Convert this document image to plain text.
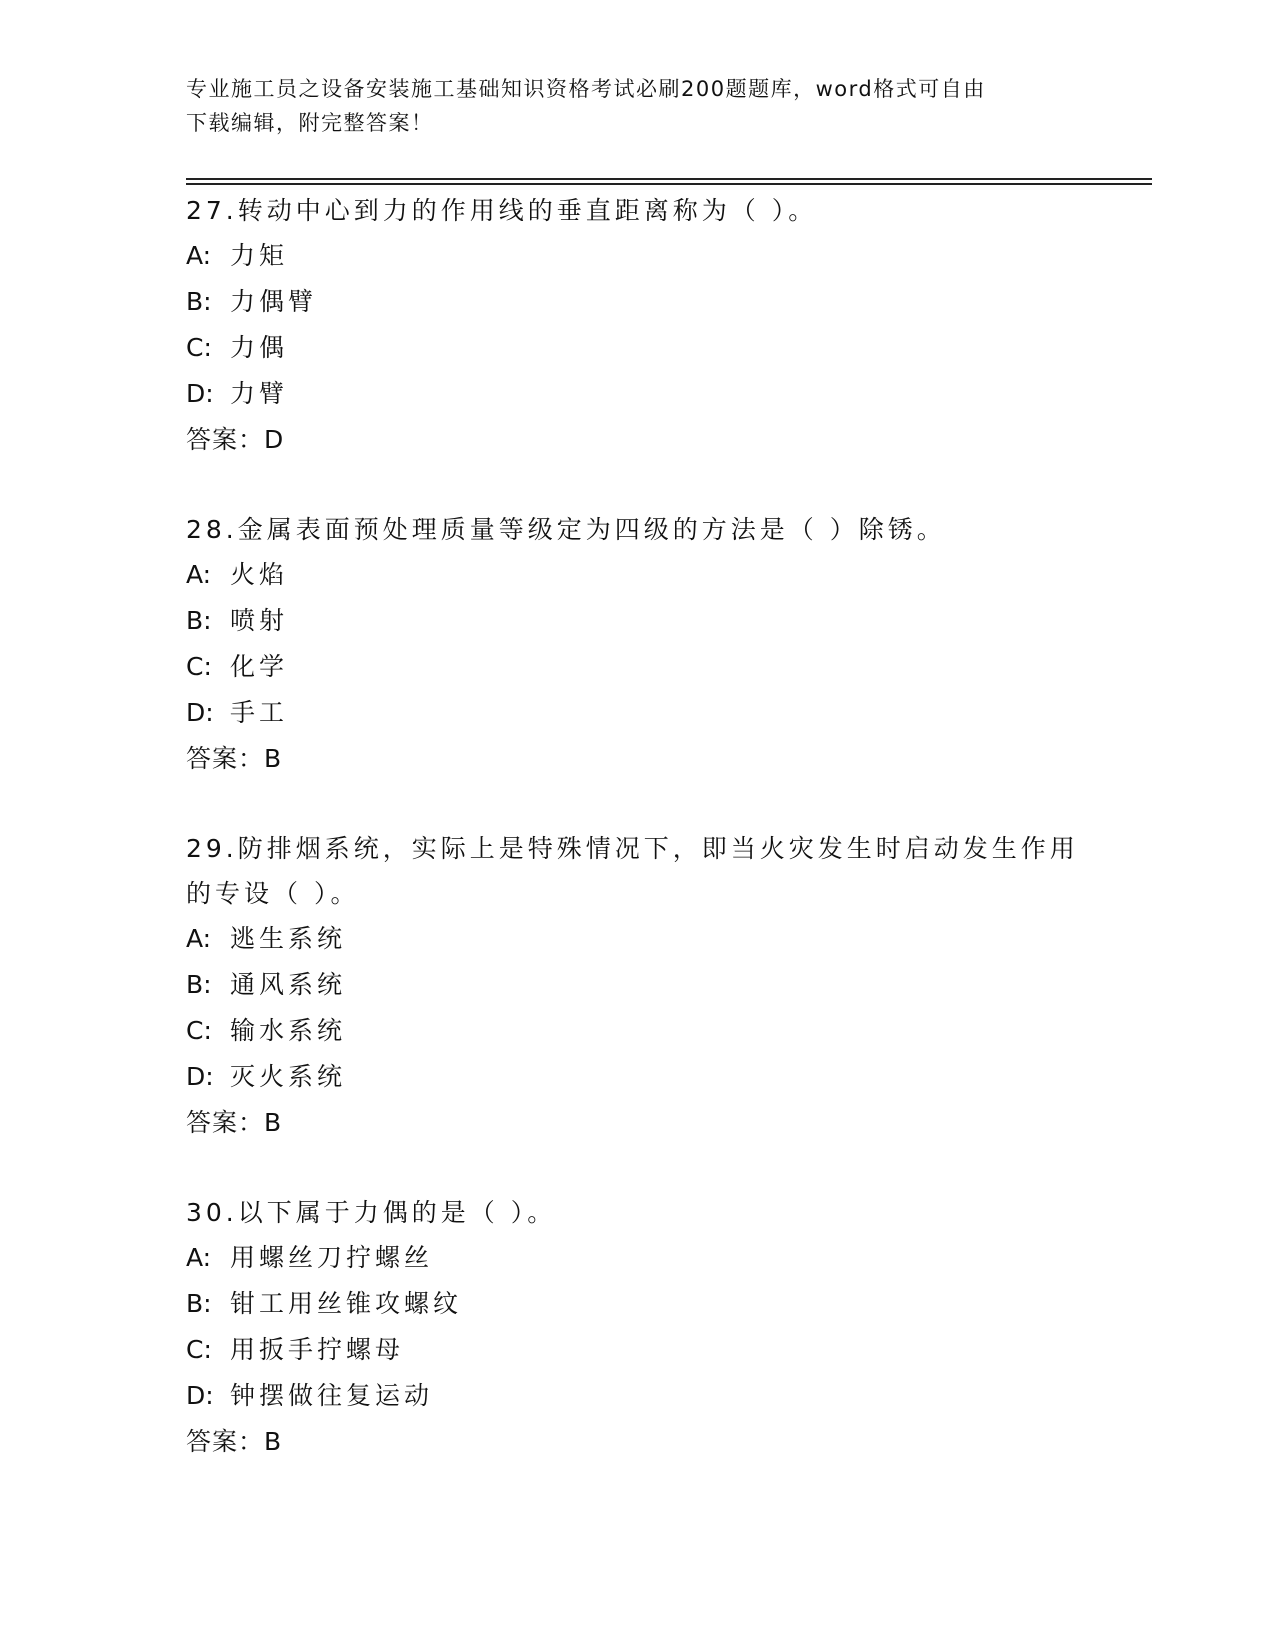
专业施工员之设备安装施工基础知识资格考试必刷200题题库，word格式可自由
下载编辑，附完整答案！
27.转动中心到力的作用线的垂直距离称为（ ）。
A: 力矩
B: 力偶臂
C: 力偶
D: 力臂
答案：D
28.金属表面预处理质量等级定为四级的方法是（ ）除锈。
A: 火焰
B: 喷射
C: 化学
D: 手工
答案：B
29.防排烟系统，实际上是特殊情况下，即当火灾发生时启动发生作用
的专设（ ）。
A: 逃生系统
B: 通风系统
C: 输水系统
D: 灭火系统
答案：B
30.以下属于力偶的是（ ）。
A: 用螺丝刀拧螺丝
B: 钳工用丝锥攻螺纹
C: 用扳手拧螺母
D: 钟摆做往复运动
答案：B
